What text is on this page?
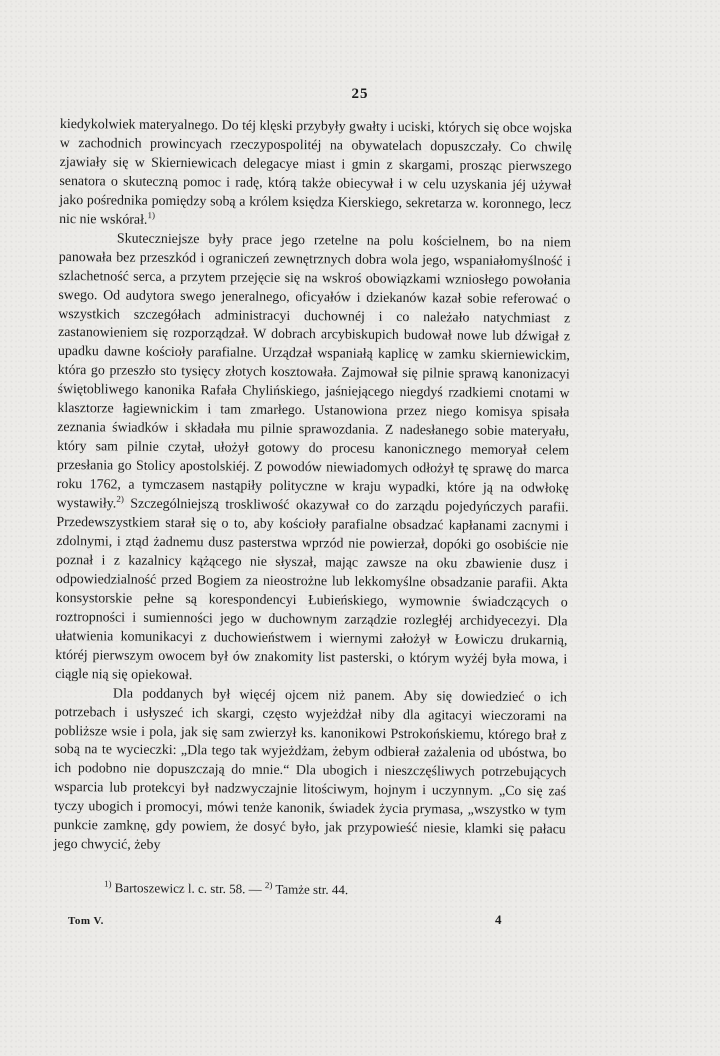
25

kiedykolwiek materyalnego. Do téj klęski przybyły gwałty i uciski, których się obce wojska w zachodnich prowincyach rzeczypospolitéj na obywatelach dopuszczały. Co chwilę zjawiały się w Skierniewicach delegacye miast i gmin z skargami, prosząc pierwszego senatora o skuteczną pomoc i radę, którą także obiecywał i w celu uzyskania jéj używał jako pośrednika pomiędzy sobą a królem księdza Kierskiego, sekretarza w. koronnego, lecz nic nie wskórał.$^{1)}$

Skuteczniejsze były prace jego rzetelne na polu kościelnem, bo na niem panowała bez przeszkód i ograniczeń zewnętrznych dobra wola jego, wspaniałomyślność i szlachetność serca, a przytem przejęcie się na wskroś obowiązkami wzniosłego powołania swego. Od audytora swego jeneralnego, oficyałów i dziekanów kazał sobie referować o wszystkich szczegółach administracyi duchownéj i co należało natychmiast z zastanowieniem się rozporządzał. W dobrach arcybiskupich budował nowe lub dźwigał z upadku dawne kościoły parafialne. Urządzał wspaniałą kaplicę w zamku skierniewickim, która go przeszło sto tysięcy złotych kosztowała. Zajmował się pilnie sprawą kanonizacyi świętobliwego kanonika Rafała Chylińskiego, jaśniejącego niegdyś rzadkiemi cnotami w klasztorze łagiewnickim i tam zmarłego. Ustanowiona przez niego komisya spisała zeznania świadków i składała mu pilnie sprawozdania. Z nadesłanego sobie materyału, który sam pilnie czytał, ułożył gotowy do procesu kanonicznego memoryał celem przesłania go Stolicy apostolskiéj. Z powodów niewiadomych odłożył tę sprawę do marca roku 1762, a tymczasem nastąpiły polityczne w kraju wypadki, które ją na odwłokę wystawiły.$^{2)}$ Szczególniejszą troskliwość okazywał co do zarządu pojedyńczych parafii. Przedewszystkiem starał się o to, aby kościoły parafialne obsadzać kapłanami zacnymi i zdolnymi, i ztąd żadnemu dusz pasterstwa wprzód nie powierzał, dopóki go osobiście nie poznał i z kazalnicy kążącego nie słyszał, mając zawsze na oku zbawienie dusz i odpowiedzialność przed Bogiem za nieostrożne lub lekkomyślne obsadzanie parafii. Akta konsystorskie pełne są korespondencyi Łubieńskiego, wymownie świadczących o roztropności i sumienności jego w duchownym zarządzie rozległéj archidyecezyi. Dla ułatwienia komunikacyi z duchowieństwem i wiernymi założył w Łowiczu drukarnią, któréj pierwszym owocem był ów znakomity list pasterski, o którym wyżéj była mowa, i ciągle nią się opiekował.

Dla poddanych był więcéj ojcem niż panem. Aby się dowiedzieć o ich potrzebach i usłyszeć ich skargi, często wyjeżdżał niby dla agitacyi wieczorami na pobliższe wsie i pola, jak się sam zwierzył ks. kanonikowi Pstrokońskiemu, którego brał z sobą na te wycieczki: „Dla tego tak wyjeżdżam, żebym odbierał zażalenia od ubóstwa, bo ich podobno nie dopuszczają do mnie.“ Dla ubogich i nieszczęśliwych potrzebujących wsparcia lub protekcyi był nadzwyczajnie litościwym, hojnym i uczynnym. „Co się zaś tyczy ubogich i promocyi, mówi tenże kanonik, świadek życia prymasa, „wszystko w tym punkcie zamknę, gdy powiem, że dosyć było, jak przypowieść niesie, klamki się pałacu jego chwycić, żeby

$^{1)}$ Bartoszewicz l. c. str. 58. — $^{2)}$ Tamże str. 44.
Tom V.	4
